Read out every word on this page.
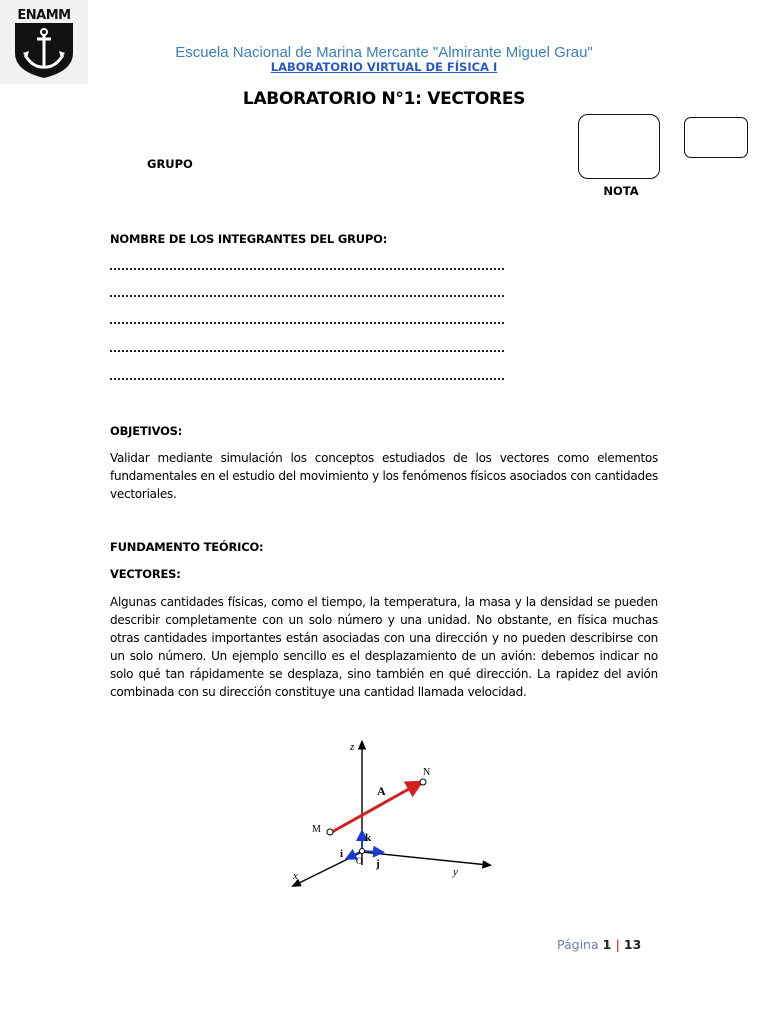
ENAMM
Escuela Nacional de Marina Mercante "Almirante Miguel Grau"
LABORATORIO VIRTUAL DE FÍSICA I
LABORATORIO N°1: VECTORES
NOTA
GRUPO
NOMBRE DE LOS INTEGRANTES DEL GRUPO:
OBJETIVOS:
Validar mediante simulación los conceptos estudiados de los vectores como elementos fundamentales en el estudio del movimiento y los fenómenos físicos asociados con cantidades vectoriales.
FUNDAMENTO TEÓRICO:
VECTORES:
Algunas cantidades físicas, como el tiempo, la temperatura, la masa y la densidad se pueden describir completamente con un solo número y una unidad. No obstante, en física muchas otras cantidades importantes están asociadas con una dirección y no pueden describirse con un solo número. Un ejemplo sencillo es el desplazamiento de un avión: debemos indicar no solo qué tan rápidamente se desplaza, sino también en qué dirección. La rapidez del avión combinada con su dirección constituye una cantidad llamada velocidad.
z
y
x
N
M
A
k
j
i
O
Página 1 | 13
